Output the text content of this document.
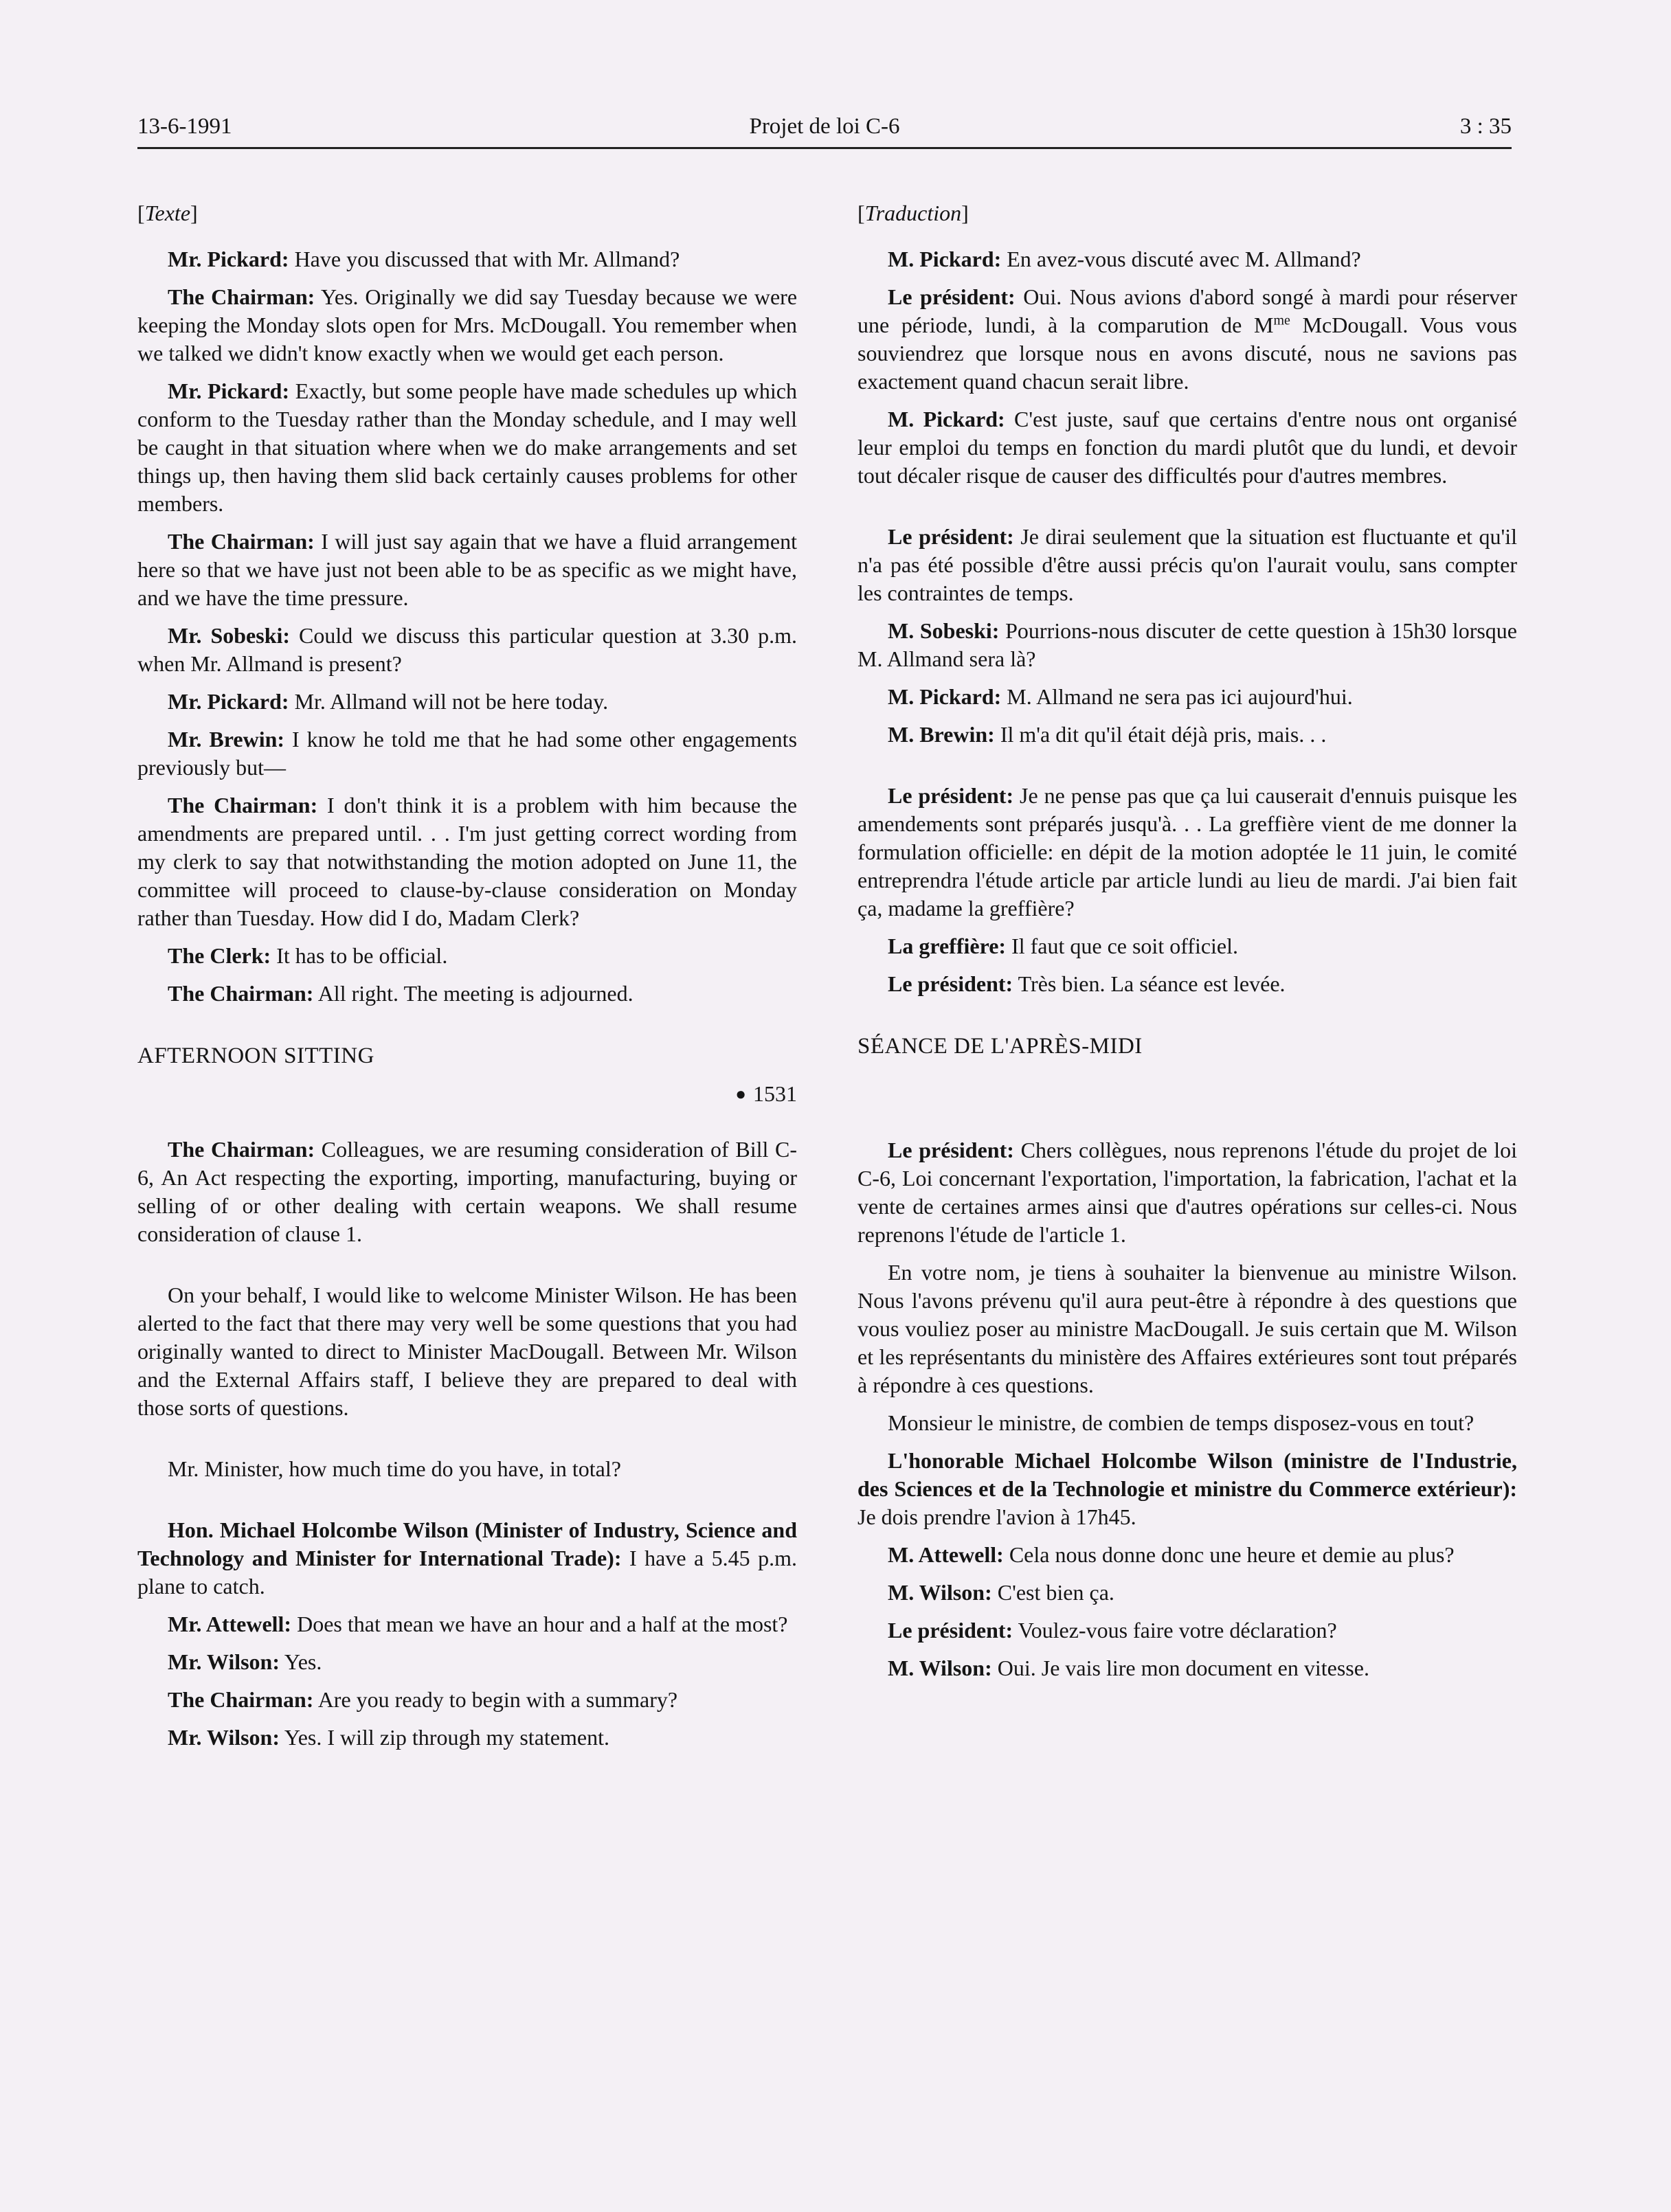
13-6-1991	Projet de loi C-6	3 : 35

[Texte]

Mr. Pickard: Have you discussed that with Mr. Allmand?

The Chairman: Yes. Originally we did say Tuesday because we were keeping the Monday slots open for Mrs. McDougall. You remember when we talked we didn't know exactly when we would get each person.

Mr. Pickard: Exactly, but some people have made schedules up which conform to the Tuesday rather than the Monday schedule, and I may well be caught in that situation where when we do make arrangements and set things up, then having them slid back certainly causes problems for other members.

The Chairman: I will just say again that we have a fluid arrangement here so that we have just not been able to be as specific as we might have, and we have the time pressure.

Mr. Sobeski: Could we discuss this particular question at 3.30 p.m. when Mr. Allmand is present?

Mr. Pickard: Mr. Allmand will not be here today.

Mr. Brewin: I know he told me that he had some other engagements previously but—

The Chairman: I don't think it is a problem with him because the amendments are prepared until. . . I'm just getting correct wording from my clerk to say that notwithstanding the motion adopted on June 11, the committee will proceed to clause-by-clause consideration on Monday rather than Tuesday. How did I do, Madam Clerk?

The Clerk: It has to be official.

The Chairman: All right. The meeting is adjourned.

AFTERNOON SITTING

● 1531

The Chairman: Colleagues, we are resuming consideration of Bill C-6, An Act respecting the exporting, importing, manufacturing, buying or selling of or other dealing with certain weapons. We shall resume consideration of clause 1.

On your behalf, I would like to welcome Minister Wilson. He has been alerted to the fact that there may very well be some questions that you had originally wanted to direct to Minister MacDougall. Between Mr. Wilson and the External Affairs staff, I believe they are prepared to deal with those sorts of questions.

Mr. Minister, how much time do you have, in total?

Hon. Michael Holcombe Wilson (Minister of Industry, Science and Technology and Minister for International Trade): I have a 5.45 p.m. plane to catch.

Mr. Attewell: Does that mean we have an hour and a half at the most?

Mr. Wilson: Yes.

The Chairman: Are you ready to begin with a summary?

Mr. Wilson: Yes. I will zip through my statement.

[Traduction]

M. Pickard: En avez-vous discuté avec M. Allmand?

Le président: Oui. Nous avions d'abord songé à mardi pour réserver une période, lundi, à la comparution de $M^{me}$ McDougall. Vous vous souviendrez que lorsque nous en avons discuté, nous ne savions pas exactement quand chacun serait libre.

M. Pickard: C'est juste, sauf que certains d'entre nous ont organisé leur emploi du temps en fonction du mardi plutôt que du lundi, et devoir tout décaler risque de causer des difficultés pour d'autres membres.

Le président: Je dirai seulement que la situation est fluctuante et qu'il n'a pas été possible d'être aussi précis qu'on l'aurait voulu, sans compter les contraintes de temps.

M. Sobeski: Pourrions-nous discuter de cette question à 15h30 lorsque M. Allmand sera là?

M. Pickard: M. Allmand ne sera pas ici aujourd'hui.

M. Brewin: Il m'a dit qu'il était déjà pris, mais. . .

Le président: Je ne pense pas que ça lui causerait d'ennuis puisque les amendements sont préparés jusqu'à. . . La greffière vient de me donner la formulation officielle: en dépit de la motion adoptée le 11 juin, le comité entreprendra l'étude article par article lundi au lieu de mardi. J'ai bien fait ça, madame la greffière?

La greffière: Il faut que ce soit officiel.

Le président: Très bien. La séance est levée.

SÉANCE DE L'APRÈS-MIDI

Le président: Chers collègues, nous reprenons l'étude du projet de loi C-6, Loi concernant l'exportation, l'importation, la fabrication, l'achat et la vente de certaines armes ainsi que d'autres opérations sur celles-ci. Nous reprenons l'étude de l'article 1.

En votre nom, je tiens à souhaiter la bienvenue au ministre Wilson. Nous l'avons prévenu qu'il aura peut-être à répondre à des questions que vous vouliez poser au ministre MacDougall. Je suis certain que M. Wilson et les représentants du ministère des Affaires extérieures sont tout préparés à répondre à ces questions.

Monsieur le ministre, de combien de temps disposez-vous en tout?

L'honorable Michael Holcombe Wilson (ministre de l'Industrie, des Sciences et de la Technologie et ministre du Commerce extérieur): Je dois prendre l'avion à 17h45.

M. Attewell: Cela nous donne donc une heure et demie au plus?

M. Wilson: C'est bien ça.

Le président: Voulez-vous faire votre déclaration?

M. Wilson: Oui. Je vais lire mon document en vitesse.
